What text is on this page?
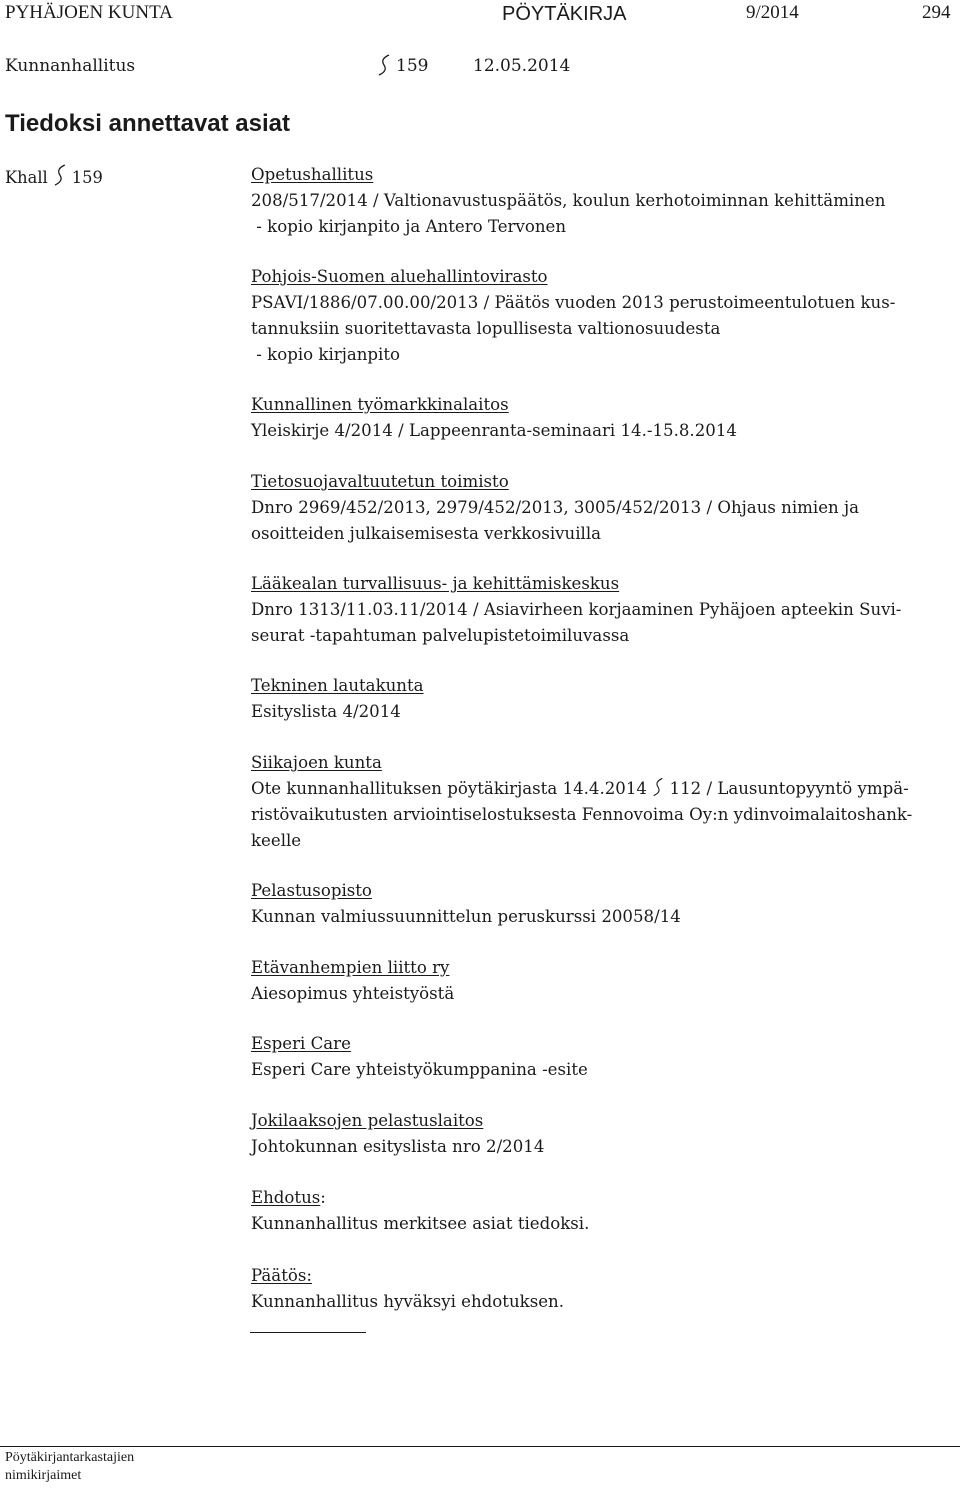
PYHÄJOEN KUNTA	PÖYTÄKIRJA	9/2014	294
Kunnanhallitus	159	12.05.2014
Tiedoksi annettavat asiat
Khall 159	Opetushallitus
208/517/2014 / Valtionavustuspäätös, koulun kerhotoiminnan kehittäminen
- kopio kirjanpito ja Antero Tervonen
Pohjois-Suomen aluehallintovirasto
PSAVI/1886/07.00.00/2013 / Päätös vuoden 2013 perustoimeentulotuen kus-
tannuksiin suoritettavasta lopullisesta valtionosuudesta
- kopio kirjanpito
Kunnallinen työmarkkinalaitos
Yleiskirje 4/2014 / Lappeenranta-seminaari 14.-15.8.2014
Tietosuojavaltuutetun toimisto
Dnro 2969/452/2013, 2979/452/2013, 3005/452/2013 / Ohjaus nimien ja
osoitteiden julkaisemisesta verkkosivuilla
Lääkealan turvallisuus- ja kehittämiskeskus
Dnro 1313/11.03.11/2014 / Asiavirheen korjaaminen Pyhäjoen apteekin Suvi-
seurat -tapahtuman palvelupistetoimiluvassa
Tekninen lautakunta
Esityslista 4/2014
Siikajoen kunta
Ote kunnanhallituksen pöytäkirjasta 14.4.2014  112 / Lausuntopyyntö ympä-
ristövaikutusten arviointiselostuksesta Fennovoima Oy:n ydinvoimalaitoshank-
keelle
Pelastusopisto
Kunnan valmiussuunnittelun peruskurssi 20058/14
Etävanhempien liitto ry
Aiesopimus yhteistyöstä
Esperi Care
Esperi Care yhteistyökumppanina -esite
Jokilaaksojen pelastuslaitos
Johtokunnan esityslista nro 2/2014
Ehdotus:
Kunnanhallitus merkitsee asiat tiedoksi.
Päätös:
Kunnanhallitus hyväksyi ehdotuksen.
Pöytäkirjantarkastajien
nimikirjaimet
